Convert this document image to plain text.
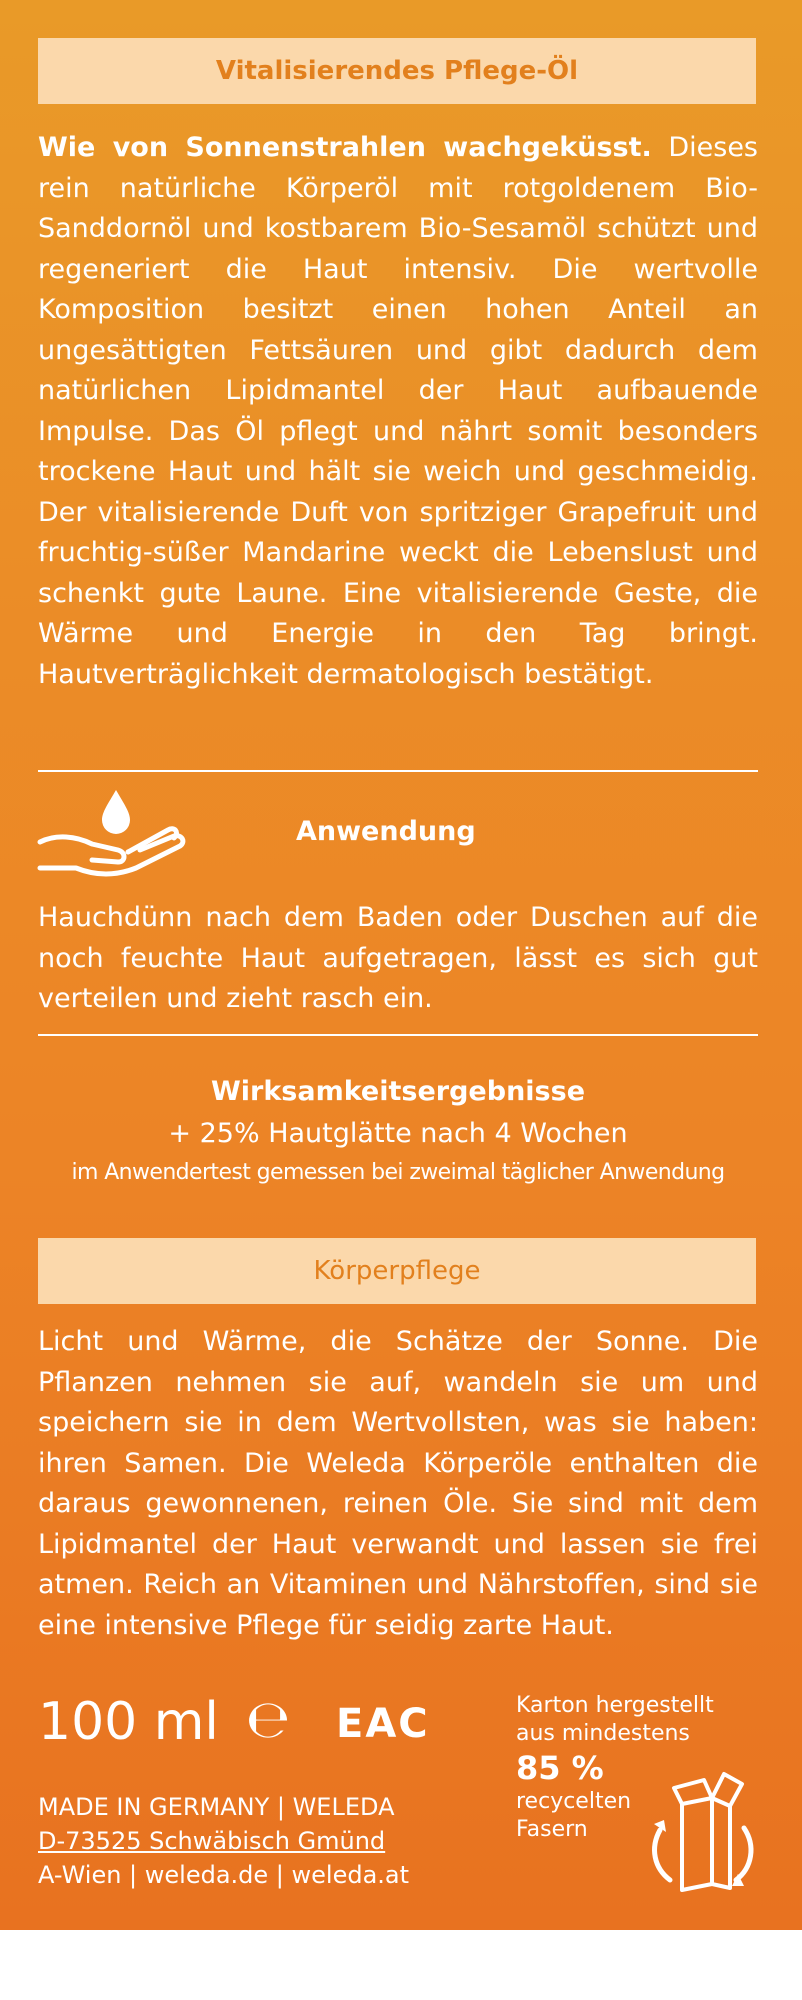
Vitalisierendes Pflege-Öl
Wie von Sonnenstrahlen wachgeküsst. Dieses rein natürliche Körperöl mit rotgoldenem Bio-Sanddornöl und kostbarem Bio-Sesamöl schützt und regeneriert die Haut intensiv. Die wertvolle Komposition besitzt einen hohen Anteil an ungesättigten Fettsäuren und gibt dadurch dem natürlichen Lipidmantel der Haut aufbauende Impulse. Das Öl pflegt und nährt somit besonders trockene Haut und hält sie weich und geschmeidig. Der vitalisierende Duft von spritziger Grapefruit und fruchtig-süßer Mandarine weckt die Lebenslust und schenkt gute Laune. Eine vitalisierende Geste, die Wärme und Energie in den Tag bringt. Hautverträglichkeit dermatologisch bestätigt.
Anwendung
Hauchdünn nach dem Baden oder Duschen auf die noch feuchte Haut aufgetragen, lässt es sich gut verteilen und zieht rasch ein.
Wirksamkeitsergebnisse
+ 25% Hautglätte nach 4 Wochen
im Anwendertest gemessen bei zweimal täglicher Anwendung
Körperpflege
Licht und Wärme, die Schätze der Sonne. Die Pflanzen nehmen sie auf, wandeln sie um und speichern sie in dem Wertvollsten, was sie haben: ihren Samen. Die Weleda Körperöle enthalten die daraus gewonnenen, reinen Öle. Sie sind mit dem Lipidmantel der Haut verwandt und lassen sie frei atmen. Reich an Vitaminen und Nährstoffen, sind sie eine intensive Pflege für seidig zarte Haut.
100 ml ℮ EAC
MADE IN GERMANY | WELEDA
D-73525 Schwäbisch Gmünd
A-Wien | weleda.de | weleda.at
Karton hergestellt
aus mindestens
85 %
recycelten
Fasern
